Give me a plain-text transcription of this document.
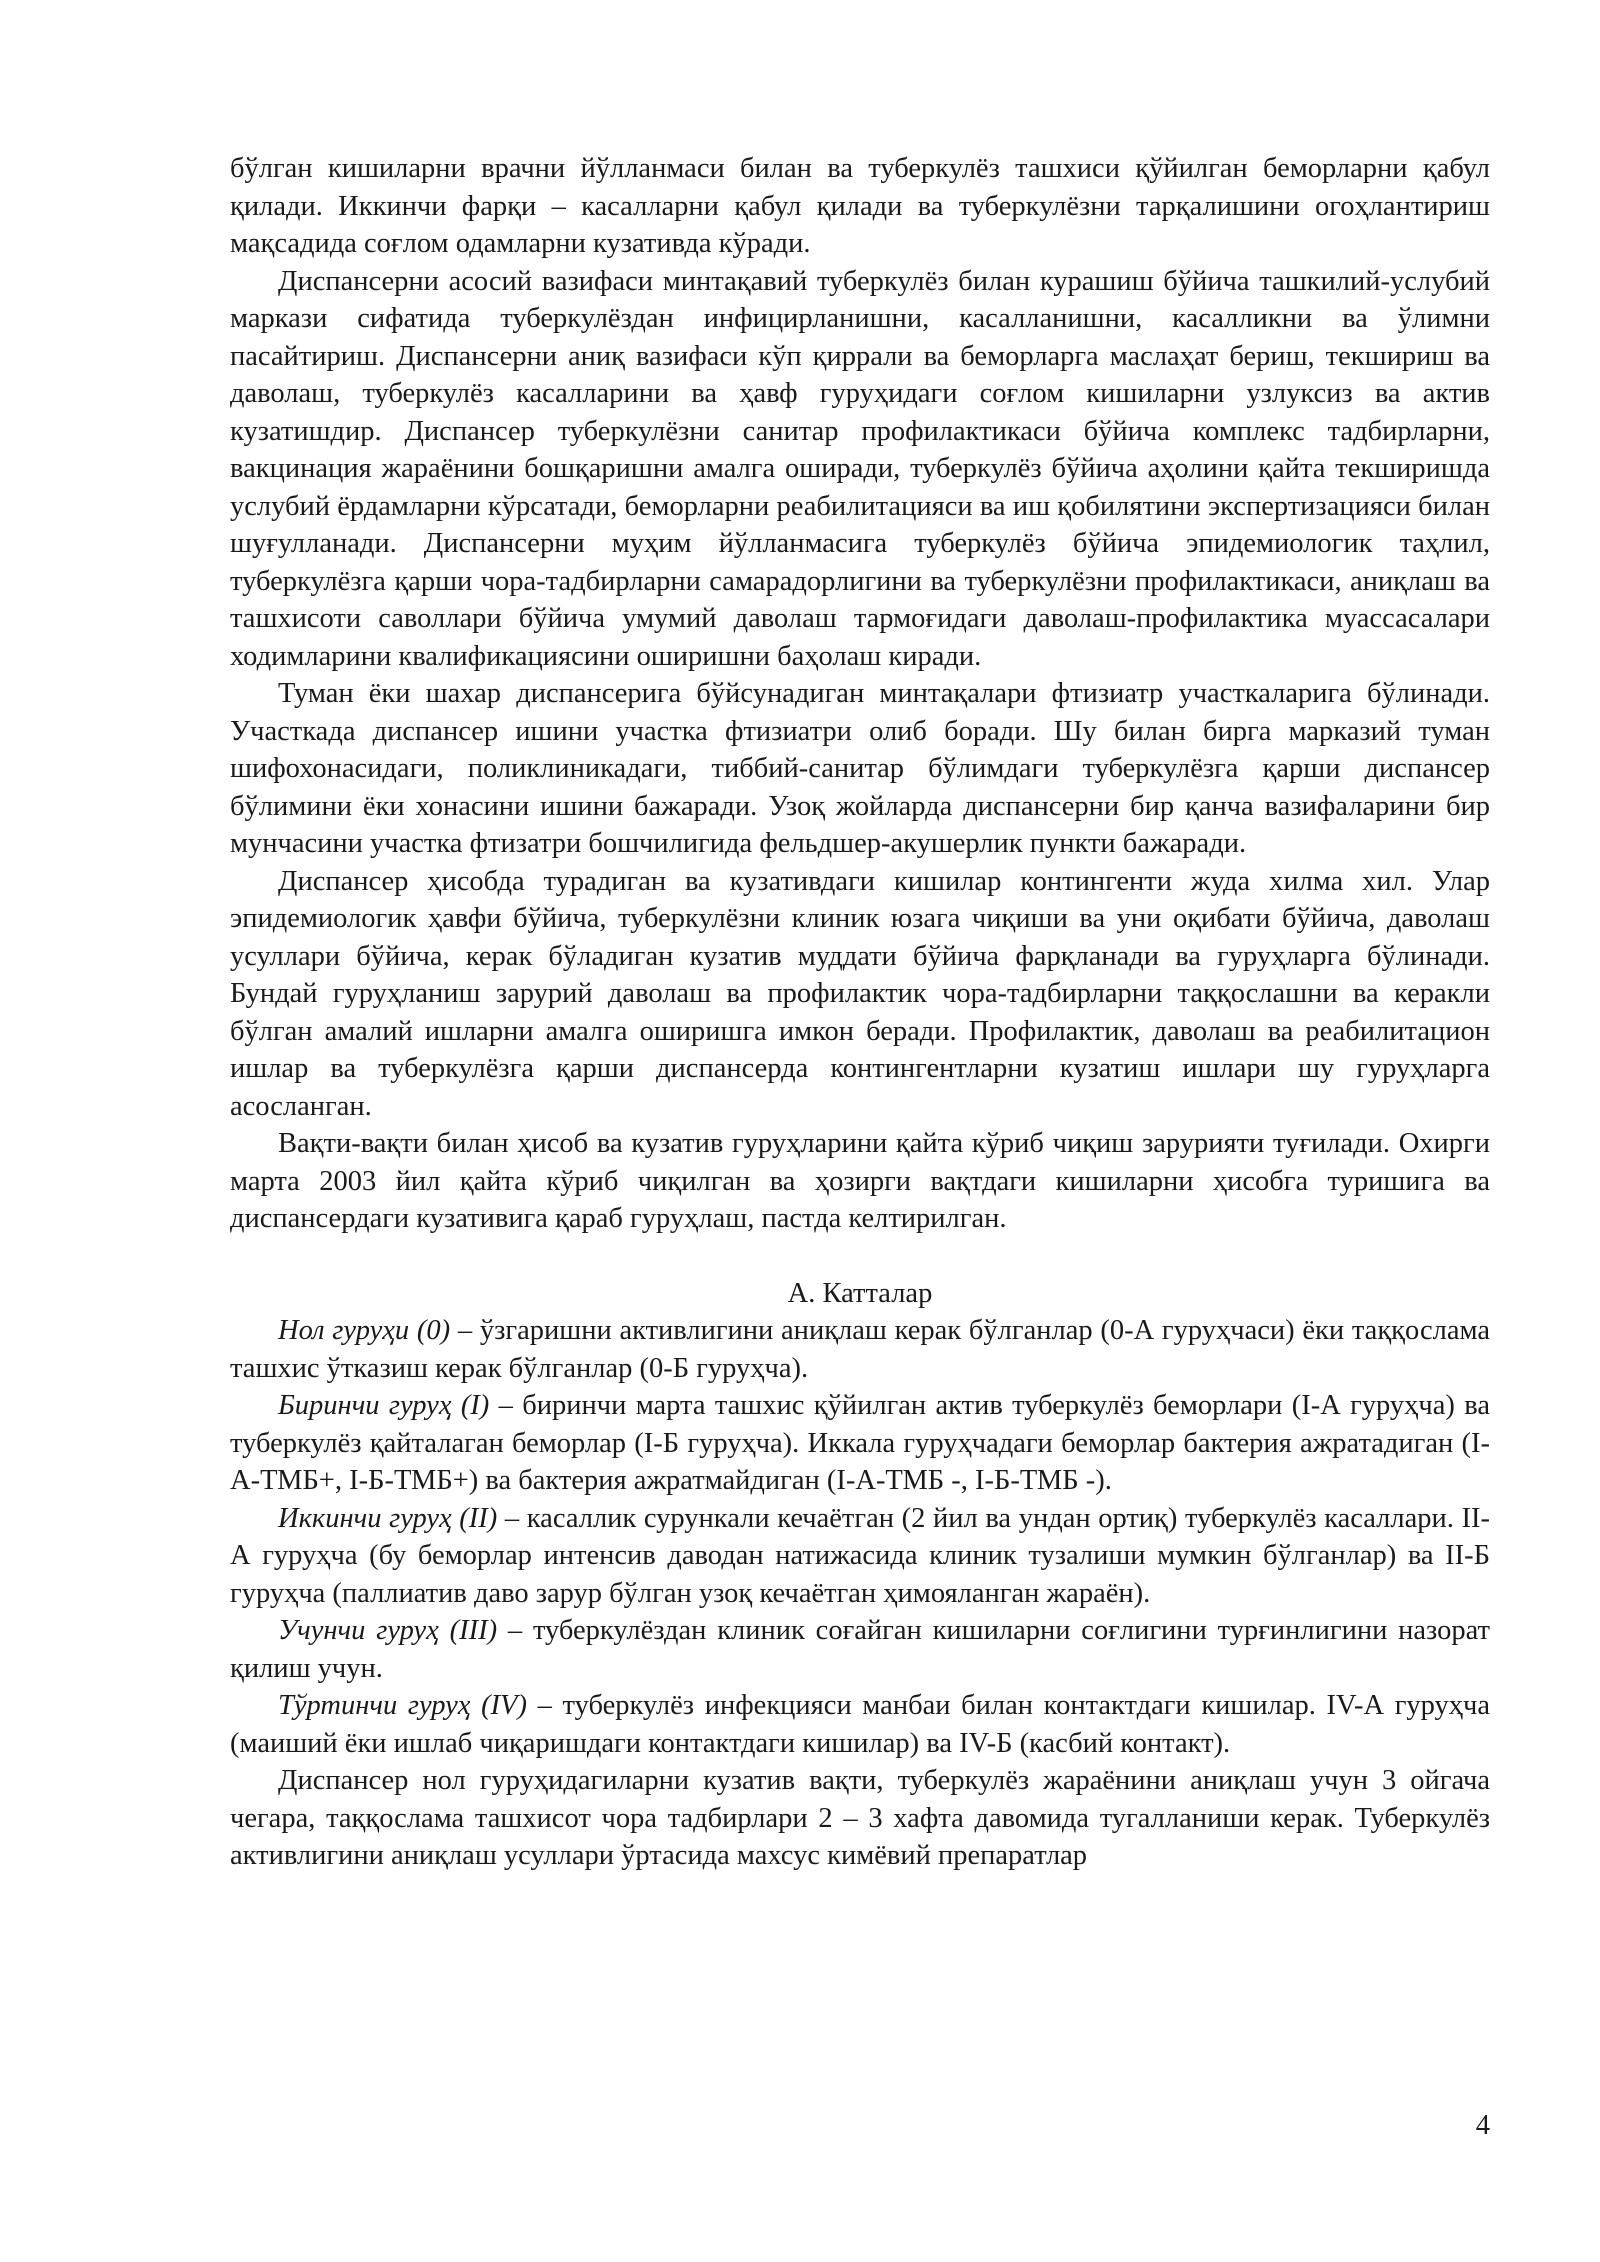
бўлган кишиларни врачни йўлланмаси билан ва туберкулёз ташхиси қўйилган беморларни қабул қилади. Иккинчи фарқи – касалларни қабул қилади ва туберкулёзни тарқалишини огоҳлантириш мақсадида соғлом одамларни кузативда кўради.

Диспансерни асосий вазифаси минтақавий туберкулёз билан курашиш бўйича ташкилий-услубий маркази сифатида туберкулёздан инфицирланишни, касалланишни, касалликни ва ўлимни пасайтириш. Диспансерни аниқ вазифаси кўп қиррали ва беморларга маслаҳат бериш, текшириш ва даволаш, туберкулёз касалларини ва ҳавф гуруҳидаги соғлом кишиларни узлуксиз ва актив кузатишдир. Диспансер туберкулёзни санитар профилактикаси бўйича комплекс тадбирларни, вакцинация жараёнини бошқаришни амалга оширади, туберкулёз бўйича аҳолини қайта текширишда услубий ёрдамларни кўрсатади, беморларни реабилитацияси ва иш қобилятини экспертизацияси билан шуғулланади. Диспансерни муҳим йўлланмасига туберкулёз бўйича эпидемиологик таҳлил, туберкулёзга қарши чора-тадбирларни самарадорлигини ва туберкулёзни профилактикаси, аниқлаш ва ташхисоти саволлари бўйича умумий даволаш тармоғидаги даволаш-профилактика муассасалари ходимларини квалификациясини оширишни баҳолаш киради.

Туман ёки шахар диспансерига бўйсунадиган минтақалари фтизиатр участкаларига бўлинади. Участкада диспансер ишини участка фтизиатри олиб боради. Шу билан бирга марказий туман шифохонасидаги, поликлиникадаги, тиббий-санитар бўлимдаги туберкулёзга қарши диспансер бўлимини ёки хонасини ишини бажаради. Узоқ жойларда диспансерни бир қанча вазифаларини бир мунчасини участка фтизатри бошчилигида фельдшер-акушерлик пункти бажаради.

Диспансер ҳисобда турадиган ва кузативдаги кишилар контингенти жуда хилма хил. Улар эпидемиологик ҳавфи бўйича, туберкулёзни клиник юзага чиқиши ва уни оқибати бўйича, даволаш усуллари бўйича, керак бўладиган кузатив муддати бўйича фарқланади ва гуруҳларга бўлинади. Бундай гуруҳланиш зарурий даволаш ва профилактик чора-тадбирларни таққослашни ва керакли бўлган амалий ишларни амалга оширишга имкон беради. Профилактик, даволаш ва реабилитацион ишлар ва туберкулёзга қарши диспансерда контингентларни кузатиш ишлари шу гуруҳларга асосланган.

Вақти-вақти билан ҳисоб ва кузатив гуруҳларини қайта кўриб чиқиш зарурияти туғилади. Охирги марта 2003 йил қайта кўриб чиқилган ва ҳозирги вақтдаги кишиларни ҳисобга туришига ва диспансердаги кузативига қараб гуруҳлаш, пастда келтирилган.

А. Катталар

Нол гуруҳи (0) – ўзгаришни активлигини аниқлаш керак бўлганлар (0-А гуруҳчаси) ёки таққослама ташхис ўтказиш керак бўлганлар (0-Б гуруҳча).

Биринчи гуруҳ (I) – биринчи марта ташхис қўйилган актив туберкулёз беморлари (I-А гуруҳча) ва туберкулёз қайталаган беморлар (I-Б гуруҳча). Иккала гуруҳчадаги беморлар бактерия ажратадиган (I-А-ТМБ+, I-Б-ТМБ+) ва бактерия ажратмайдиган (I-А-ТМБ -, I-Б-ТМБ -).

Иккинчи гуруҳ (II) – касаллик сурункали кечаётган (2 йил ва ундан ортиқ) туберкулёз касаллари. II-А гуруҳча (бу беморлар интенсив даводан натижасида клиник тузалиши мумкин бўлганлар) ва II-Б гуруҳча (паллиатив даво зарур бўлган узоқ кечаётган ҳимояланган жараён).

Учунчи гуруҳ (III) – туберкулёздан клиник соғайган кишиларни соғлигини турғинлигини назорат қилиш учун.

Тўртинчи гуруҳ (IV) – туберкулёз инфекцияси манбаи билан контактдаги кишилар. IV-А гуруҳча (маиший ёки ишлаб чиқаришдаги контактдаги кишилар) ва IV-Б (касбий контакт).

Диспансер нол гуруҳидагиларни кузатив вақти, туберкулёз жараёнини аниқлаш учун 3 ойгача чегара, таққослама ташхисот чора тадбирлари 2 – 3 хафта давомида тугалланиши керак. Туберкулёз активлигини аниқлаш усуллари ўртасида махсус кимёвий препаратлар

4
